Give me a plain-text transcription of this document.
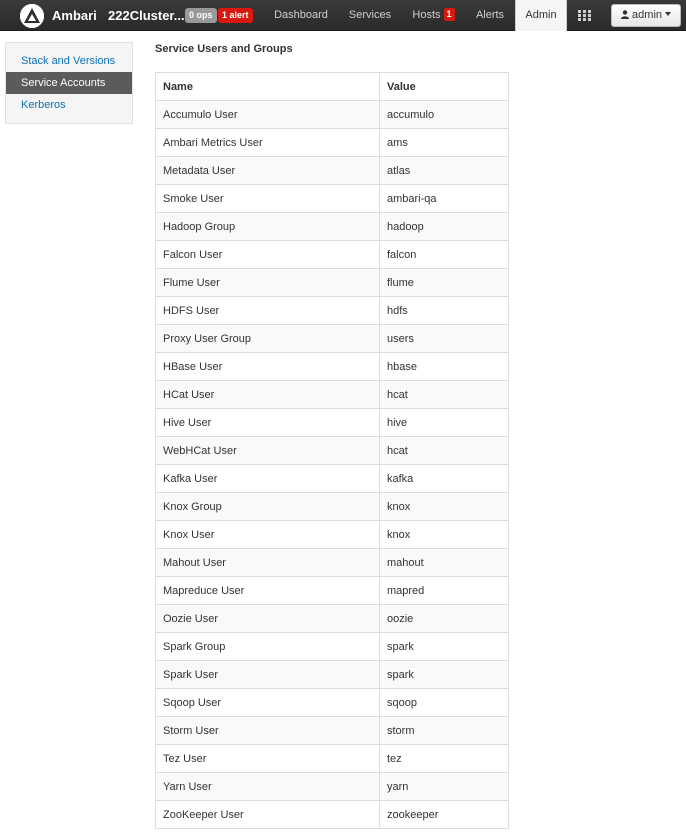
Ambari 222Cluster... 0 ops	1 alert	Dashboard	Services	Hosts 1	Alerts	Admin	admin
Stack and Versions
Service Accounts
Kerberos
Service Users and Groups
Name	Value
Accumulo User	accumulo
Ambari Metrics User	ams
Metadata User	atlas
Smoke User	ambari-qa
Hadoop Group	hadoop
Falcon User	falcon
Flume User	flume
HDFS User	hdfs
Proxy User Group	users
HBase User	hbase
HCat User	hcat
Hive User	hive
WebHCat User	hcat
Kafka User	kafka
Knox Group	knox
Knox User	knox
Mahout User	mahout
Mapreduce User	mapred
Oozie User	oozie
Spark Group	spark
Spark User	spark
Sqoop User	sqoop
Storm User	storm
Tez User	tez
Yarn User	yarn
ZooKeeper User	zookeeper
